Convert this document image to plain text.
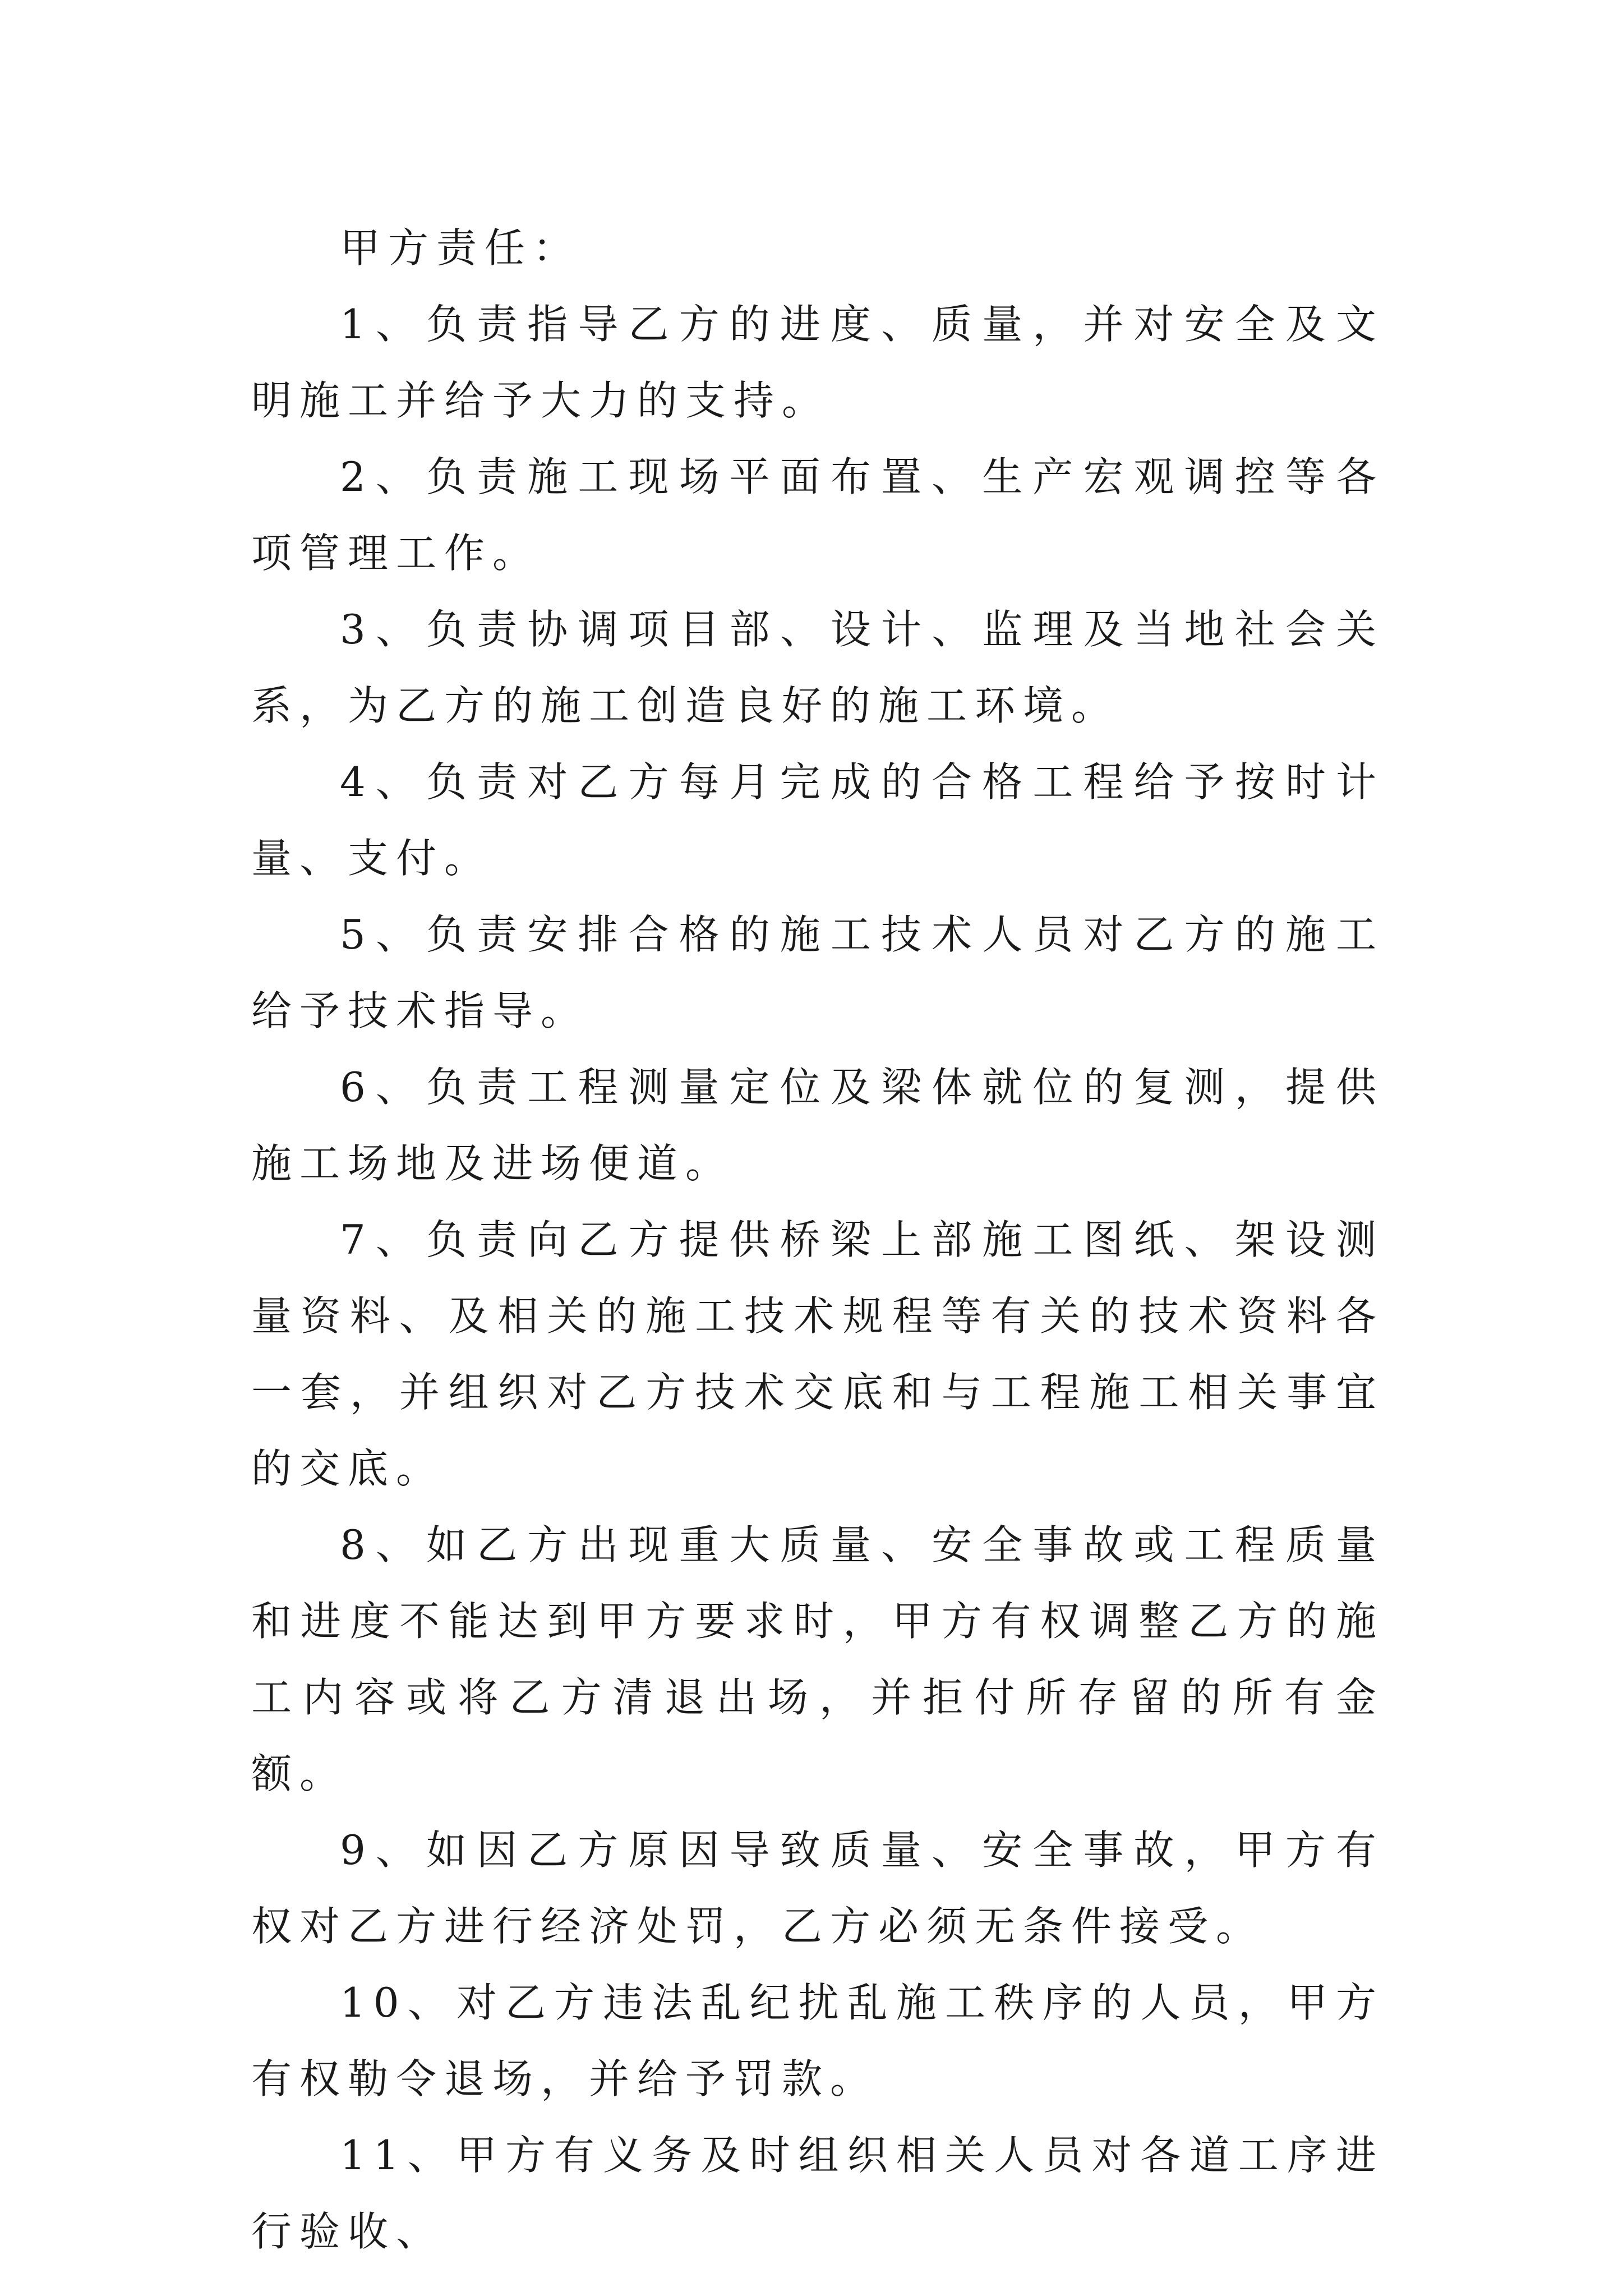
甲方责任：

1、负责指导乙方的进度、质量，并对安全及文明施工并给予大力的支持。

2、负责施工现场平面布置、生产宏观调控等各项管理工作。

3、负责协调项目部、设计、监理及当地社会关系，为乙方的施工创造良好的施工环境。

4、负责对乙方每月完成的合格工程给予按时计量、支付。

5、负责安排合格的施工技术人员对乙方的施工给予技术指导。

6、负责工程测量定位及梁体就位的复测，提供施工场地及进场便道。

7、负责向乙方提供桥梁上部施工图纸、架设测量资料、及相关的施工技术规程等有关的技术资料各一套，并组织对乙方技术交底和与工程施工相关事宜的交底。

8、如乙方出现重大质量、安全事故或工程质量和进度不能达到甲方要求时，甲方有权调整乙方的施工内容或将乙方清退出场，并拒付所存留的所有金额。

9、如因乙方原因导致质量、安全事故，甲方有权对乙方进行经济处罚，乙方必须无条件接受。

10、对乙方违法乱纪扰乱施工秩序的人员，甲方有权勒令退场，并给予罚款。

11、甲方有义务及时组织相关人员对各道工序进行验收、
